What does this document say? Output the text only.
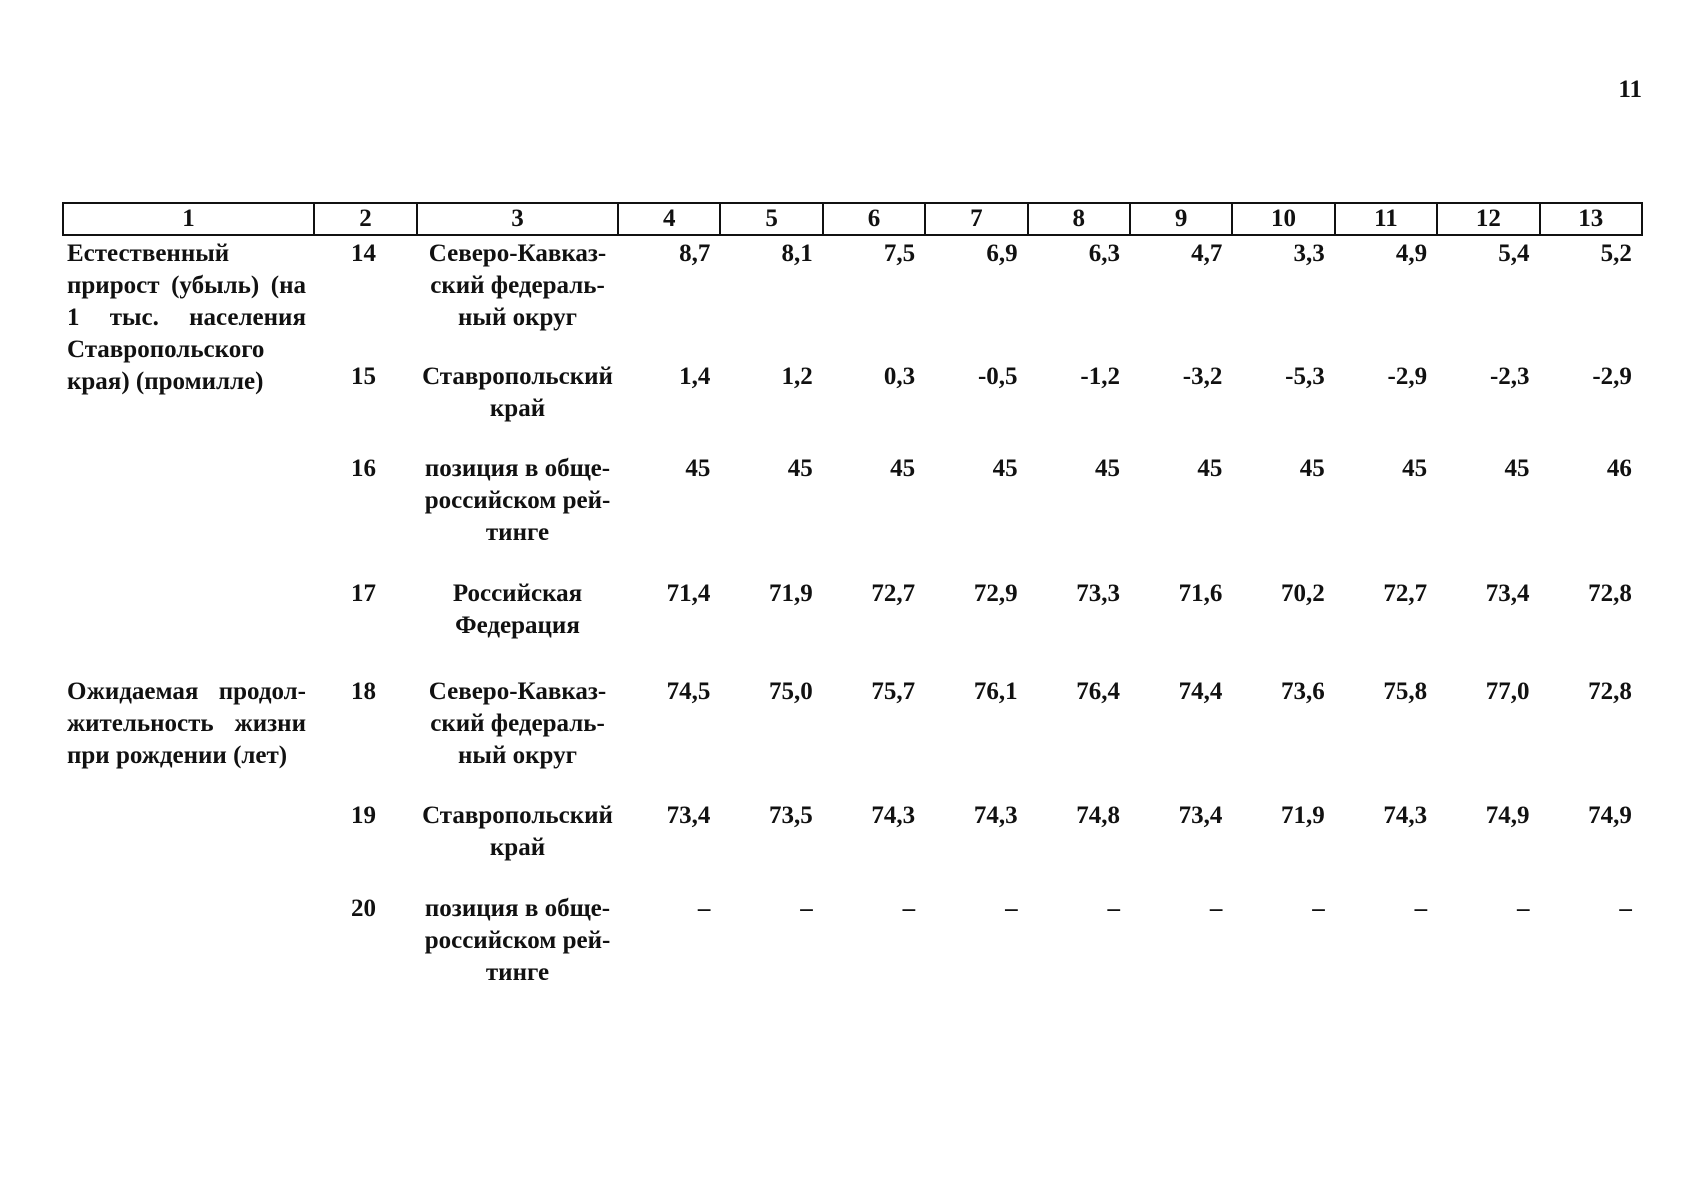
11
1	2	3	4	5	6	7	8	9	10	11	12	13
Естественный прирост (убыль) (на 1 тыс. населения Ставропольского края) (промилле)	14	Северо-Кавказ-ский федераль-ный округ	8,7	8,1	7,5	6,9	6,3	4,7	3,3	4,9	5,4	5,2
	15	Ставропольский край	1,4	1,2	0,3	-0,5	-1,2	-3,2	-5,3	-2,9	-2,3	-2,9
	16	позиция в обще-российском рей-тинге	45	45	45	45	45	45	45	45	45	46
	17	Российская Федерация	71,4	71,9	72,7	72,9	73,3	71,6	70,2	72,7	73,4	72,8
Ожидаемая продол-жительность жизни при рождении (лет)	18	Северо-Кавказ-ский федераль-ный округ	74,5	75,0	75,7	76,1	76,4	74,4	73,6	75,8	77,0	72,8
	19	Ставропольский край	73,4	73,5	74,3	74,3	74,8	73,4	71,9	74,3	74,9	74,9
	20	позиция в обще-российском рей-тинге	–	–	–	–	–	–	–	–	–	–
